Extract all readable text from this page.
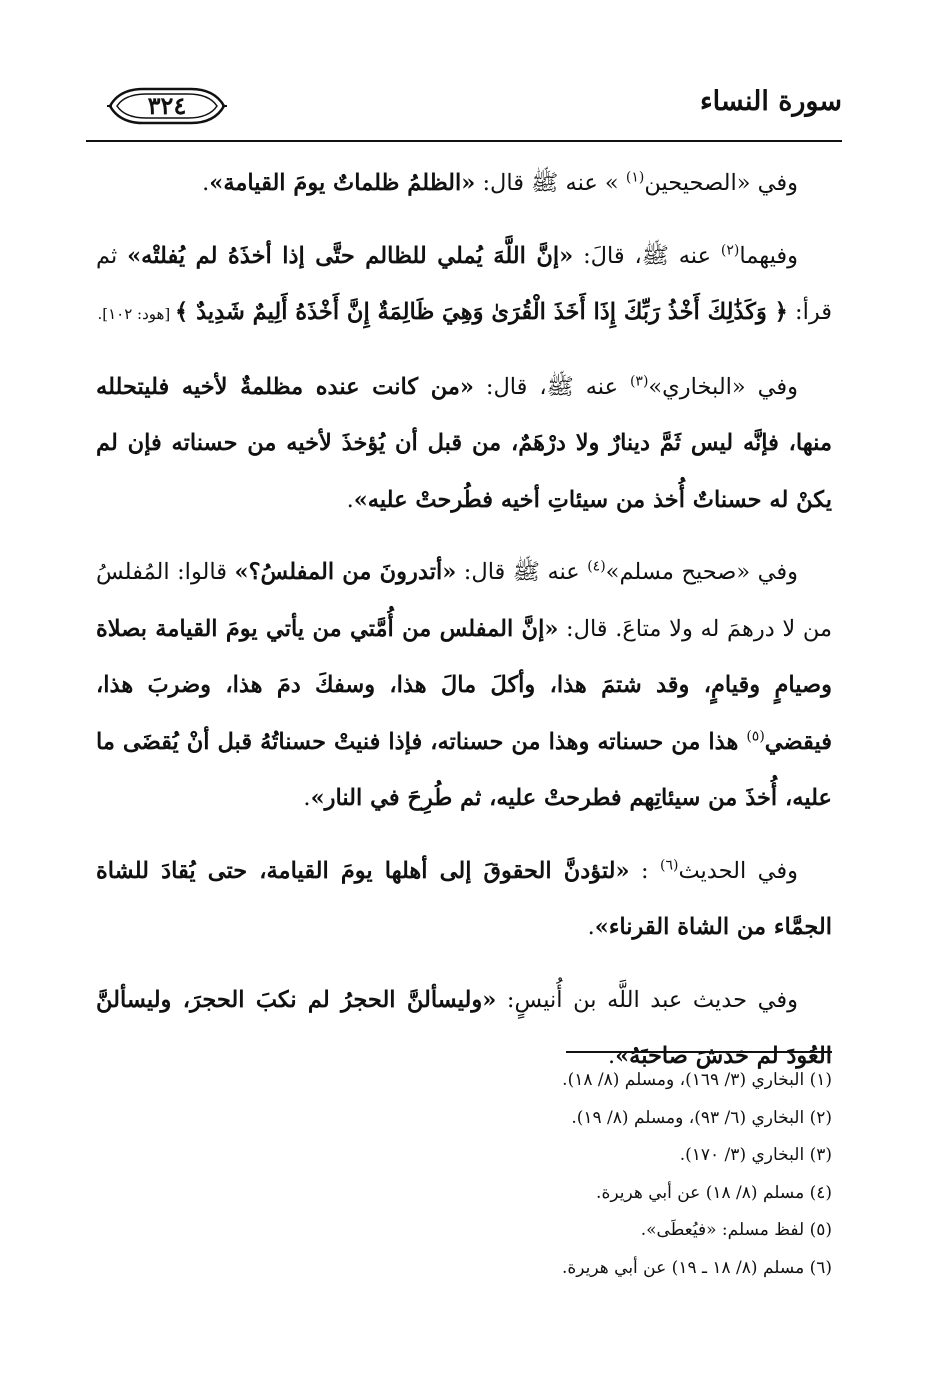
سورة النساء
٣٢٤

وفي «الصحيحين$^{(١)}$ » عنه ﷺ قال: «الظلمُ ظلماتٌ يومَ القيامة».

وفيهما$^{(٢)}$ عنه ﷺ، قالَ: «إنَّ اللَّهَ يُملي للظالم حتَّى إذا أخذَهُ لم يُفلتْه» ثم قرأ: ﴿ وَكَذَٰلِكَ أَخْذُ رَبِّكَ إِذَا أَخَذَ الْقُرَىٰ وَهِيَ ظَالِمَةٌ إِنَّ أَخْذَهُ أَلِيمٌ شَدِيدٌ ﴾ [هود: ١٠٢].

وفي «البخاري»$^{(٣)}$ عنه ﷺ، قال: «من كانت عنده مظلمةٌ لأخيه فليتحلله منها، فإنَّه ليس ثَمَّ دينارٌ ولا درْهَمٌ، من قبل أن يُؤخذَ لأخيه من حسناته فإن لم يكنْ له حسناتٌ أُخذ من سيئاتِ أخيه فطُرحتْ عليه».

وفي «صحيح مسلم»$^{(٤)}$ عنه ﷺ قال: «أتدرونَ من المفلسُ؟» قالوا: المُفلسُ من لا درهمَ له ولا متاعَ. قال: «إنَّ المفلس من أُمَّتي من يأتي يومَ القيامة بصلاة وصيامٍ وقيامٍ، وقد شتمَ هذا، وأكلَ مالَ هذا، وسفكَ دمَ هذا، وضربَ هذا، فيقضي$^{(٥)}$ هذا من حسناته وهذا من حسناته، فإذا فنيتْ حسناتُهُ قبل أنْ يُقضَى ما عليه، أُخذَ من سيئاتِهم فطرحتْ عليه، ثم طُرِحَ في النار».

وفي الحديث$^{(٦)}$ : «لتؤدنَّ الحقوقَ إلى أهلها يومَ القيامة، حتى يُقادَ للشاة الجمَّاء من الشاة القرناء».

وفي حديث عبد اللَّه بن أُنيسٍ: «وليسألنَّ الحجرُ لم نكبَ الحجرَ، وليسألنَّ العُودَ لم خدشَ صاحبَهُ».

(١) البخاري (٣/ ١٦٩)، ومسلم (٨/ ١٨).
(٢) البخاري (٦/ ٩٣)، ومسلم (٨/ ١٩).
(٣) البخاري (٣/ ١٧٠).
(٤) مسلم (٨/ ١٨) عن أبي هريرة.
(٥) لفظ مسلم: «فيُعطَى».
(٦) مسلم (٨/ ١٨ ـ ١٩) عن أبي هريرة.
